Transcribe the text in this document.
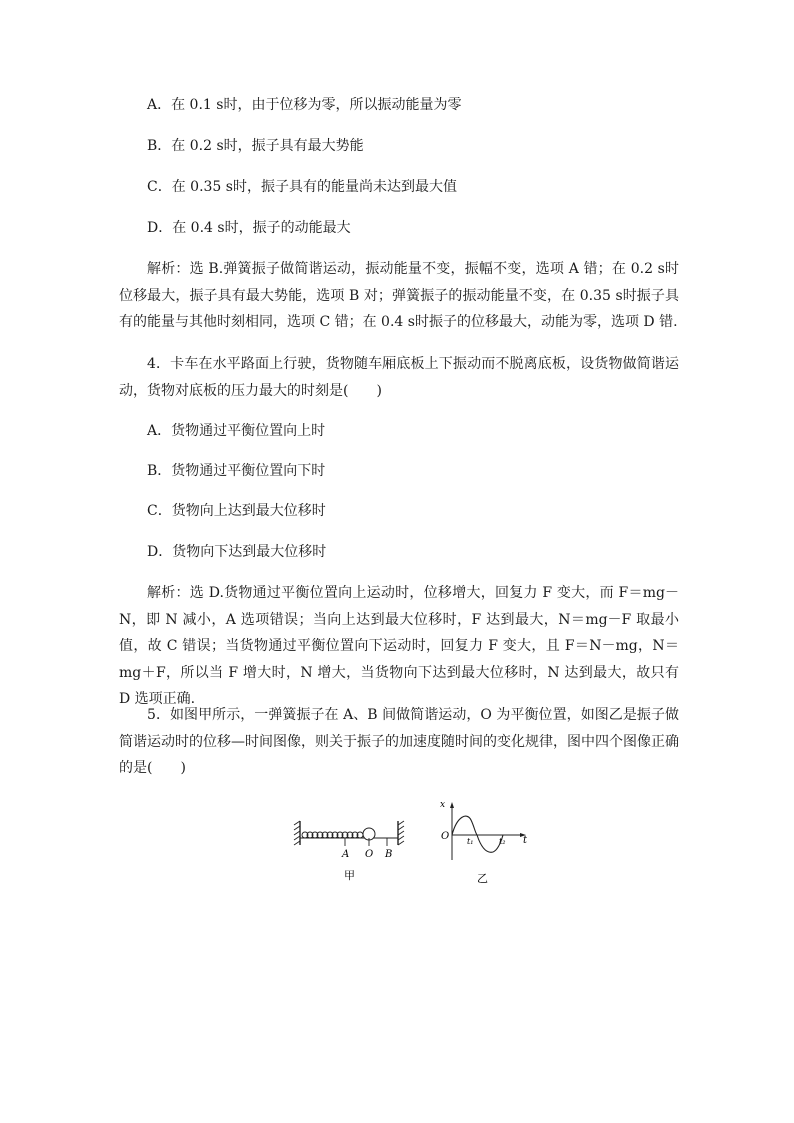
A．在 0.1 s时，由于位移为零，所以振动能量为零
B．在 0.2 s时，振子具有最大势能
C．在 0.35 s时，振子具有的能量尚未达到最大值
D．在 0.4 s时，振子的动能最大
解析：选 B.弹簧振子做简谐运动，振动能量不变，振幅不变，选项 A 错；在 0.2 s时位移最大，振子具有最大势能，选项 B 对；弹簧振子的振动能量不变，在 0.35 s时振子具有的能量与其他时刻相同，选项 C 错；在 0.4 s时振子的位移最大，动能为零，选项 D 错.
4．卡车在水平路面上行驶，货物随车厢底板上下振动而不脱离底板，设货物做简谐运动，货物对底板的压力最大的时刻是(　　)
A．货物通过平衡位置向上时
B．货物通过平衡位置向下时
C．货物向上达到最大位移时
D．货物向下达到最大位移时
解析：选 D.货物通过平衡位置向上运动时，位移增大，回复力 F 变大，而 F＝mg－N，即 N 减小，A 选项错误；当向上达到最大位移时，F 达到最大，N＝mg－F 取最小值，故 C 错误；当货物通过平衡位置向下运动时，回复力 F 变大，且 F＝N－mg，N＝mg＋F，所以当 F 增大时，N 增大，当货物向下达到最大位移时，N 达到最大，故只有 D 选项正确.
5．如图甲所示，一弹簧振子在 A、B 间做简谐运动，O 为平衡位置，如图乙是振子做简谐运动时的位移—时间图像，则关于振子的加速度随时间的变化规律，图中四个图像正确的是(　　)
A O B
甲
x
O	t
t₁	t₂
乙
